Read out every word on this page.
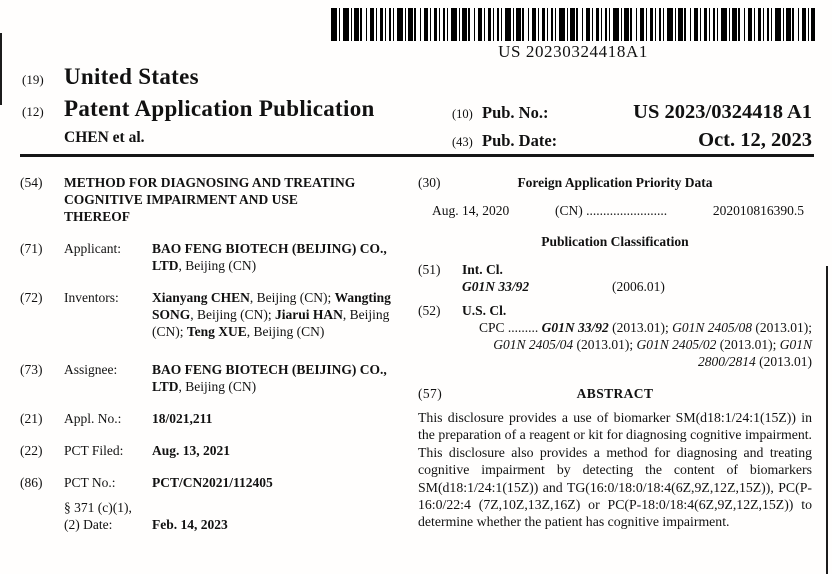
US 20230324418A1
(19) United States
(12) Patent Application Publication
CHEN et al.
(10) Pub. No.:	US 2023/0324418 A1
(43) Pub. Date:	Oct. 12, 2023
(54)	METHOD FOR DIAGNOSING AND TREATING COGNITIVE IMPAIRMENT AND USE THEREOF
(71)	Applicant:	BAO FENG BIOTECH (BEIJING) CO., LTD, Beijing (CN)
(72)	Inventors:	Xianyang CHEN, Beijing (CN); Wangting SONG, Beijing (CN); Jiarui HAN, Beijing (CN); Teng XUE, Beijing (CN)
(73)	Assignee:	BAO FENG BIOTECH (BEIJING) CO., LTD, Beijing (CN)
(21)	Appl. No.:	18/021,211
(22)	PCT Filed:	Aug. 13, 2021
(86)	PCT No.:	PCT/CN2021/112405
§ 371 (c)(1),
(2) Date:	Feb. 14, 2023
(30)	Foreign Application Priority Data
Aug. 14, 2020	(CN) ........................	202010816390.5
Publication Classification
(51) Int. Cl.
G01N 33/92	(2006.01)
(52) U.S. Cl.
CPC ......... G01N 33/92 (2013.01); G01N 2405/08 (2013.01); G01N 2405/04 (2013.01); G01N 2405/02 (2013.01); G01N 2800/2814 (2013.01)
(57)	ABSTRACT
This disclosure provides a use of biomarker SM(d18:1/24:1(15Z)) in the preparation of a reagent or kit for diagnosing cognitive impairment. This disclosure also provides a method for diagnosing and treating cognitive impairment by detecting the content of biomarkers SM(d18:1/24:1(15Z)) and TG(16:0/18:0/18:4(6Z,9Z,12Z,15Z)), PC(P-16:0/22:4 (7Z,10Z,13Z,16Z) or PC(P-18:0/18:4(6Z,9Z,12Z,15Z)) to determine whether the patient has cognitive impairment.
